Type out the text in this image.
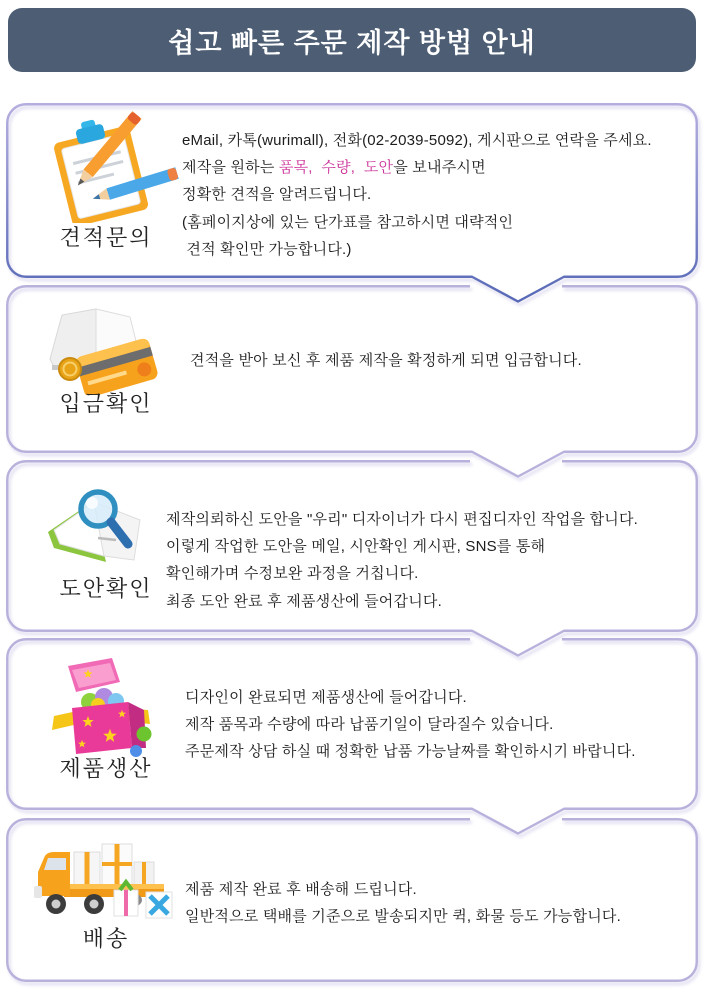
쉽고 빠른 주문 제작 방법 안내
견적문의
eMail, 카톡(wurimall), 전화(02-2039-5092), 게시판으로 연락을 주세요.
제작을 원하는 품목,  수량,  도안을 보내주시면
정확한 견적을 알려드립니다.
(홈페이지상에 있는 단가표를 참고하시면 대략적인
견적 확인만 가능합니다.)
입금확인
견적을 받아 보신 후 제품 제작을 확정하게 되면 입금합니다.
도안확인
제작의뢰하신 도안을 "우리" 디자이너가 다시 편집디자인 작업을 합니다.
이렇게 작업한 도안을 메일, 시안확인 게시판, SNS를 통해
확인해가며 수정보완 과정을 거칩니다.
최종 도안 완료 후 제품생산에 들어갑니다.
제품생산
디자인이 완료되면 제품생산에 들어갑니다.
제작 품목과 수량에 따라 납품기일이 달라질수 있습니다.
주문제작 상담 하실 때 정확한 납품 가능날짜를 확인하시기 바랍니다.
배송
제품 제작 완료 후 배송해 드립니다.
일반적으로 택배를 기준으로 발송되지만 퀵, 화물 등도 가능합니다.
